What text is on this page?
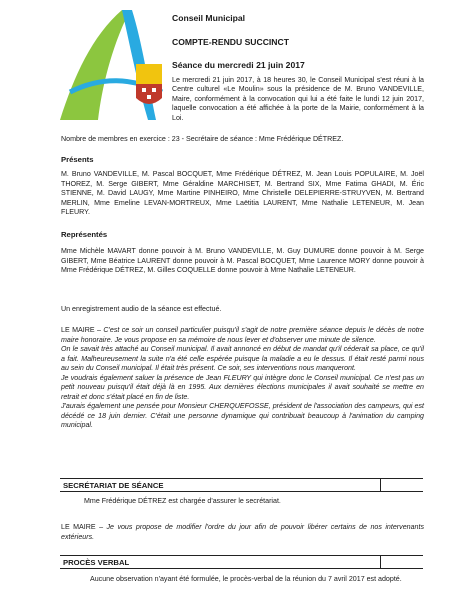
Conseil Municipal
COMPTE-RENDU SUCCINCT
Séance du mercredi 21 juin 2017
Le mercredi 21 juin 2017, à 18 heures 30, le Conseil Municipal s'est réuni à la Centre culturel «Le Moulin» sous la présidence de M. Bruno VANDEVILLE, Maire, conformément à la convocation qui lui a été faite le lundi 12 juin 2017, laquelle convocation a été affichée à la porte de la Mairie, conformément à la Loi.
Nombre de membres en exercice : 23 - Secrétaire de séance : Mme Frédérique DÉTREZ.
Présents
M. Bruno VANDEVILLE, M. Pascal BOCQUET, Mme Frédérique DÉTREZ, M. Jean Louis POPULAIRE, M. Joël THOREZ, M. Serge GIBERT, Mme Géraldine MARCHISET, M. Bertrand SIX, Mme Fatima GHADI, M. Éric STIENNE, M. David LAUGY, Mme Martine PINHEIRO, Mme Christelle DELEPIERRE-STRUYVEN, M. Bertrand MERLIN, Mme Emeline LEVAN-MORTREUX, Mme Laëtitia LAURENT, Mme Nathalie LETENEUR, M. Jean FLEURY.
Représentés
Mme Michèle MAVART donne pouvoir à M. Bruno VANDEVILLE, M. Guy DUMURE donne pouvoir à M. Serge GIBERT, Mme Béatrice LAURENT donne pouvoir à M. Pascal BOCQUET, Mme Laurence MORY donne pouvoir à Mme Frédérique DÉTREZ, M. Gilles COQUELLE donne pouvoir à Mme Nathalie LETENEUR.
Un enregistrement audio de la séance est effectué.
LE MAIRE – C'est ce soir un conseil particulier puisqu'il s'agit de notre première séance depuis le décès de notre maire honoraire. Je vous propose en sa mémoire de nous lever et d'observer une minute de silence.
On le savait très attaché au Conseil municipal. Il avait annoncé en début de mandat qu'il céderait sa place, ce qu'il a fait. Malheureusement la suite n'a été celle espérée puisque la maladie a eu le dessus. Il était resté parmi nous au sein du Conseil municipal. Il était très présent. Ce soir, ses interventions nous manqueront.
Je voudrais également saluer la présence de Jean FLEURY qui intègre donc le Conseil municipal. Ce n'est pas un petit nouveau puisqu'il était déjà là en 1995. Aux dernières élections municipales il avait souhaité se mettre en retrait et donc s'était placé en fin de liste.
J'aurais également une pensée pour Monsieur CHERQUEFOSSE, président de l'association des campeurs, qui est décédé ce 18 juin dernier. C'était une personne dynamique qui contribuait beaucoup à l'animation du camping municipal.
SECRÉTARIAT DE SÉANCE
Mme Frédérique DÉTREZ est chargée d'assurer le secrétariat.
LE MAIRE – Je vous propose de modifier l'ordre du jour afin de pouvoir libérer certains de nos intervenants extérieurs.
PROCÈS VERBAL
Aucune observation n'ayant été formulée, le procès-verbal de la réunion du 7 avril 2017 est adopté.
